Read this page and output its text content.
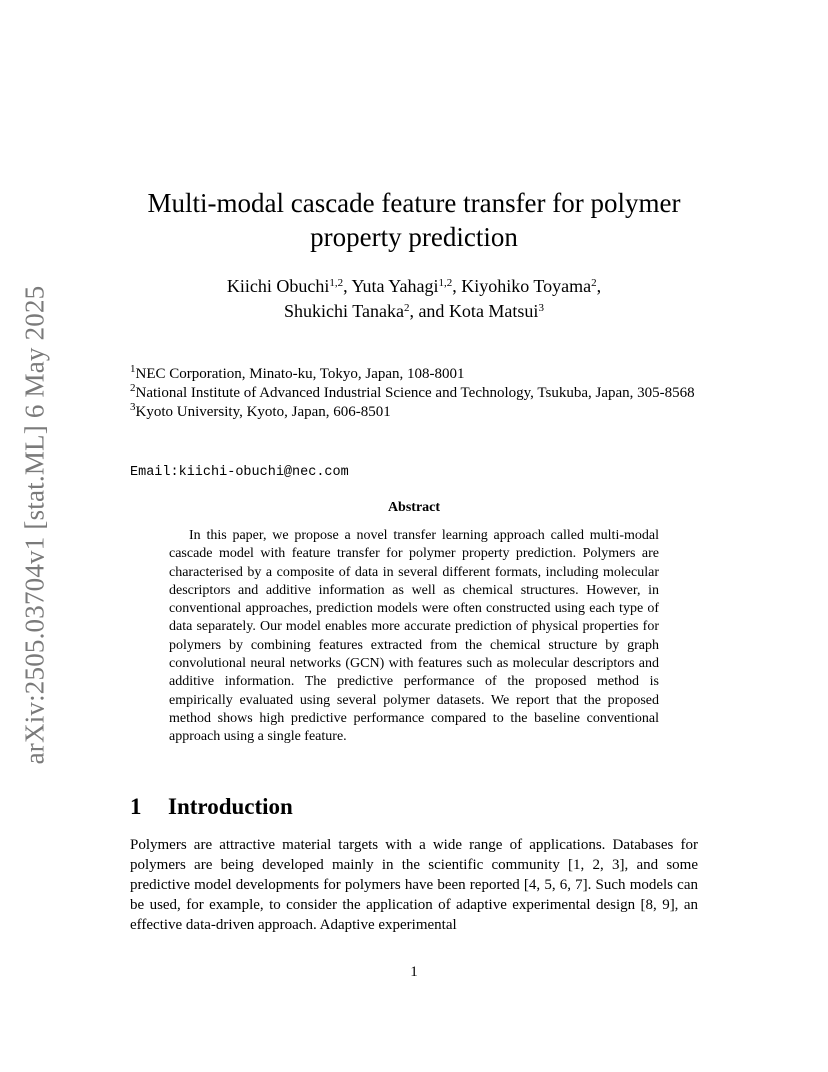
arXiv:2505.03704v1 [stat.ML] 6 May 2025
Multi-modal cascade feature transfer for polymer
property prediction
Kiichi Obuchi$^{1,2}$, Yuta Yahagi$^{1,2}$, Kiyohiko Toyama$^2$,
Shukichi Tanaka$^2$, and Kota Matsui$^3$
$^1$NEC Corporation, Minato-ku, Tokyo, Japan, 108-8001
$^2$National Institute of Advanced Industrial Science and Technology, Tsukuba, Japan, 305-8568
$^3$Kyoto University, Kyoto, Japan, 606-8501
Email:kiichi-obuchi@nec.com
Abstract
In this paper, we propose a novel transfer learning approach called multi-modal cascade model with feature transfer for polymer property prediction. Polymers are characterised by a composite of data in several different formats, including molecular descriptors and additive information as well as chemical structures. However, in conventional approaches, prediction models were often constructed using each type of data separately. Our model enables more accurate prediction of physical properties for polymers by combining features extracted from the chemical structure by graph convolutional neural networks (GCN) with features such as molecular descriptors and additive information. The predictive performance of the proposed method is empirically evaluated using several polymer datasets. We report that the proposed method shows high predictive performance compared to the baseline conventional approach using a single feature.
1 Introduction
Polymers are attractive material targets with a wide range of applications. Databases for polymers are being developed mainly in the scientific community [1, 2, 3], and some predictive model developments for polymers have been reported [4, 5, 6, 7]. Such models can be used, for example, to consider the application of adaptive experimental design [8, 9], an effective data-driven approach. Adaptive experimental
1
